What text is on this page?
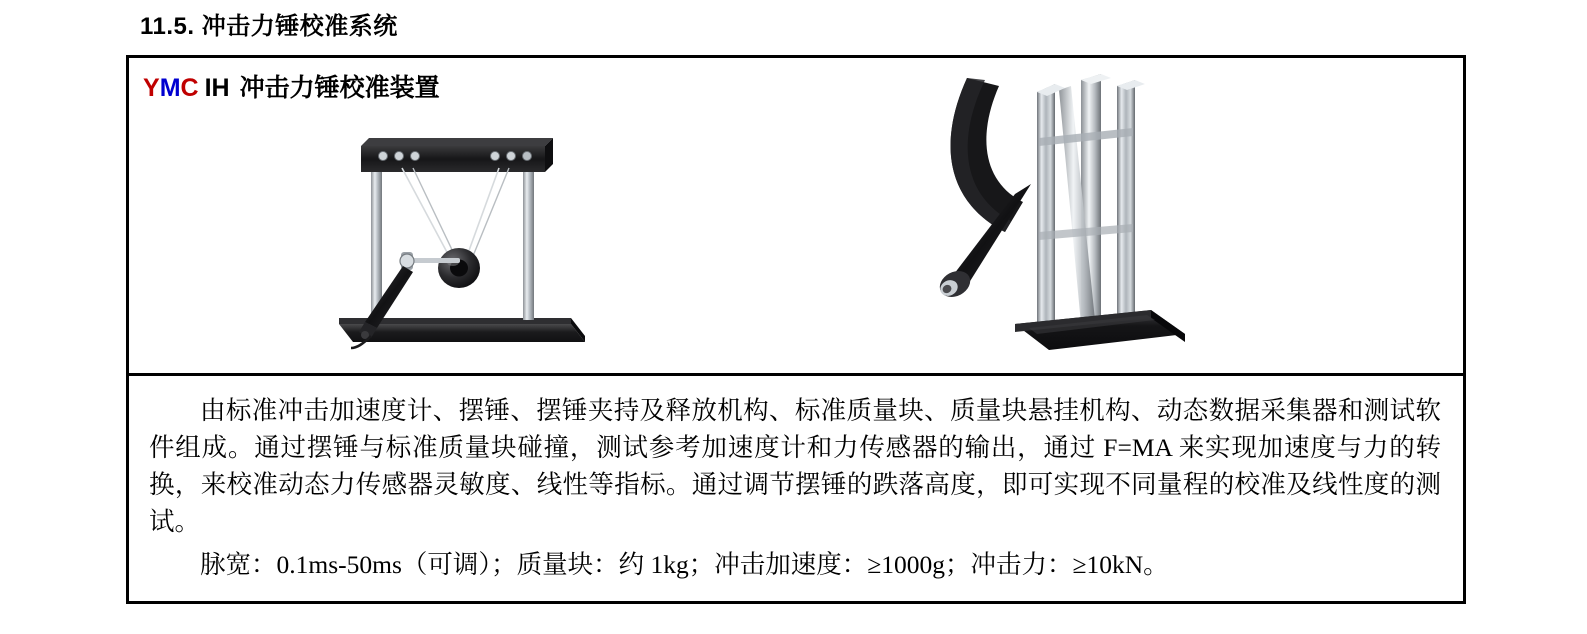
11.5. 冲击力锤校准系统
YMC IH 冲击力锤校准装置

由标准冲击加速度计、摆锤、摆锤夹持及释放机构、标准质量块、质量块悬挂机构、动态数据采集器和测试软件组成。通过摆锤与标准质量块碰撞，测试参考加速度计和力传感器的输出，通过 F=MA 来实现加速度与力的转换，来校准动态力传感器灵敏度、线性等指标。通过调节摆锤的跌落高度，即可实现不同量程的校准及线性度的测试。

脉宽：0.1ms-50ms（可调）；质量块：约 1kg；冲击加速度：≥1000g；冲击力：≥10kN。
